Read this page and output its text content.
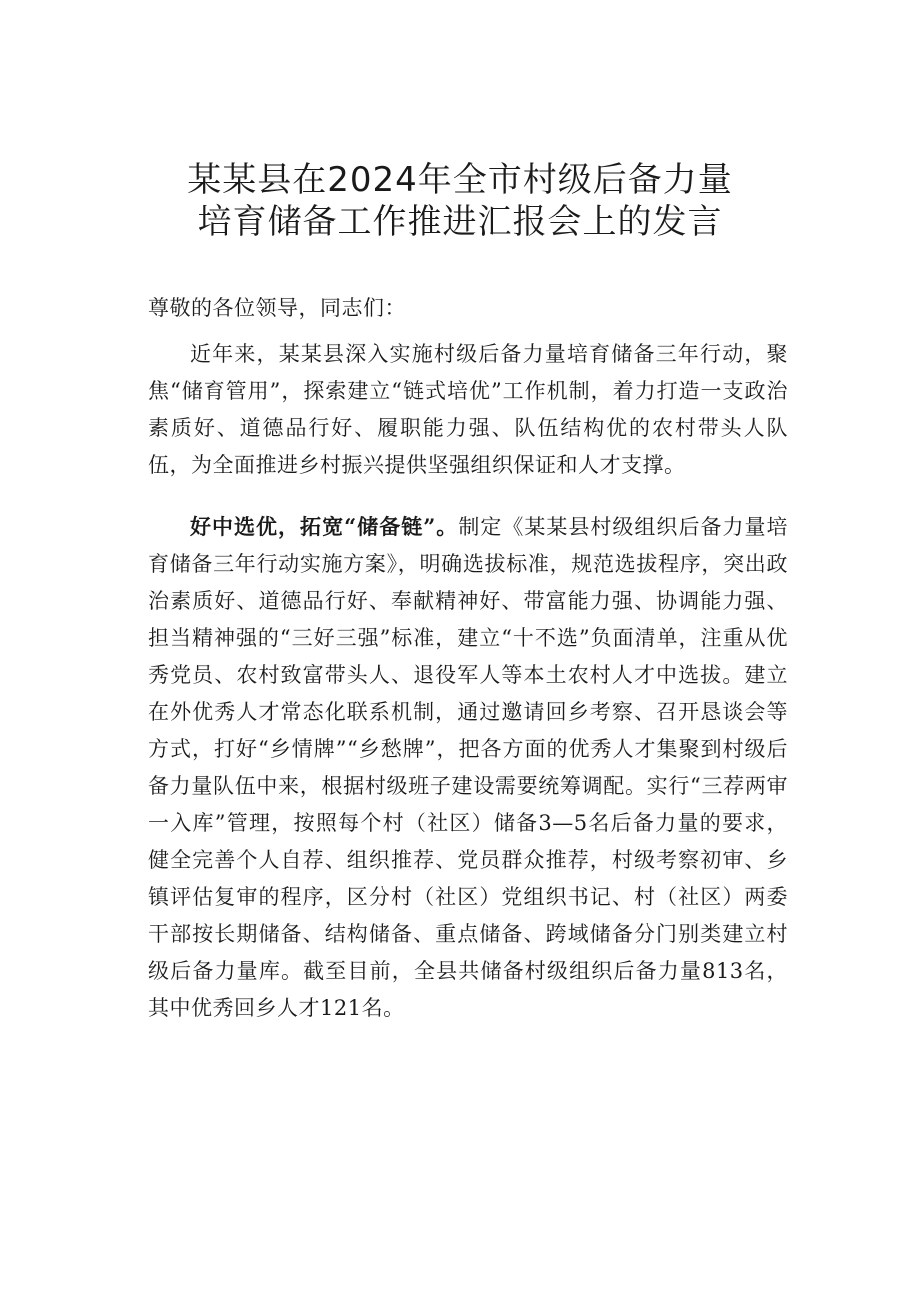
某某县在2024年全市村级后备力量
培育储备工作推进汇报会上的发言
尊敬的各位领导，同志们：
近年来，某某县深入实施村级后备力量培育储备三年行动，聚焦“储育管用”，探索建立“链式培优”工作机制，着力打造一支政治素质好、道德品行好、履职能力强、队伍结构优的农村带头人队伍，为全面推进乡村振兴提供坚强组织保证和人才支撑。
好中选优，拓宽“储备链”。制定《某某县村级组织后备力量培育储备三年行动实施方案》，明确选拔标准，规范选拔程序，突出政治素质好、道德品行好、奉献精神好、带富能力强、协调能力强、担当精神强的“三好三强”标准，建立“十不选”负面清单，注重从优秀党员、农村致富带头人、退役军人等本土农村人才中选拔。建立在外优秀人才常态化联系机制，通过邀请回乡考察、召开恳谈会等方式，打好“乡情牌”“乡愁牌”，把各方面的优秀人才集聚到村级后备力量队伍中来，根据村级班子建设需要统筹调配。实行“三荐两审一入库”管理，按照每个村（社区）储备3—5名后备力量的要求，健全完善个人自荐、组织推荐、党员群众推荐，村级考察初审、乡镇评估复审的程序，区分村（社区）党组织书记、村（社区）两委干部按长期储备、结构储备、重点储备、跨域储备分门别类建立村级后备力量库。截至目前，全县共储备村级组织后备力量813名，其中优秀回乡人才121名。
